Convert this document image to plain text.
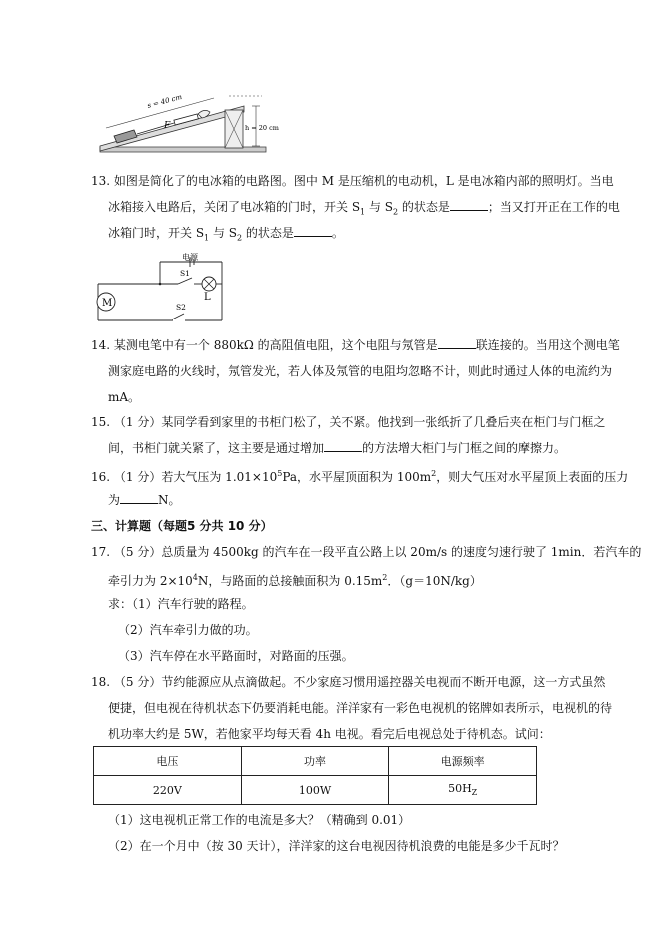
s = 40 cm
F	h = 20 cm
13. 如图是简化了的电冰箱的电路图。图中 M 是压缩机的电动机，L 是电冰箱内部的照明灯。当电
冰箱接入电路后，关闭了电冰箱的门时，开关 $S_1$ 与 $S_2$ 的状态是	；当又打开正在工作的电
冰箱门时，开关 $S_1$ 与 $S_2$ 的状态是	。
电源
S1
S2
L
M
14. 某测电笔中有一个 880kΩ 的高阻值电阻，这个电阻与氖管是	联连接的。当用这个测电笔
测家庭电路的火线时，氖管发光，若人体及氖管的电阻均忽略不计，则此时通过人体的电流约为
mA。
15. （1 分）某同学看到家里的书柜门松了，关不紧。他找到一张纸折了几叠后夹在柜门与门框之
间，书柜门就关紧了，这主要是通过增加	的方法增大柜门与门框之间的摩擦力。
16. （1 分）若大气压为 $1.01\times 10^5Pa$，水平屋顶面积为 $100m^2$，则大气压对水平屋顶上表面的压力
为	N。
三、计算题（每题5 分共 10 分）
17. （5 分）总质量为 4500kg 的汽车在一段平直公路上以 20m/s 的速度匀速行驶了 1min．若汽车的
牵引力为 $2\times 10^4N$，与路面的总接触面积为 $0.15m^2$．（g＝10N/kg）
求：（1）汽车行驶的路程。
（2）汽车牵引力做的功。
（3）汽车停在水平路面时，对路面的压强。
18. （5 分）节约能源应从点滴做起。不少家庭习惯用遥控器关电视而不断开电源，这一方式虽然
便捷，但电视在待机状态下仍要消耗电能。洋洋家有一彩色电视机的铭牌如表所示，电视机的待
机功率大约是 5W，若他家平均每天看 4h 电视。看完后电视总处于待机态。试问：
电压	功率	电源频率
220V	100W	$50H_Z$
（1）这电视机正常工作的电流是多大？（精确到 0.01）
（2）在一个月中（按 30 天计），洋洋家的这台电视因待机浪费的电能是多少千瓦时？
